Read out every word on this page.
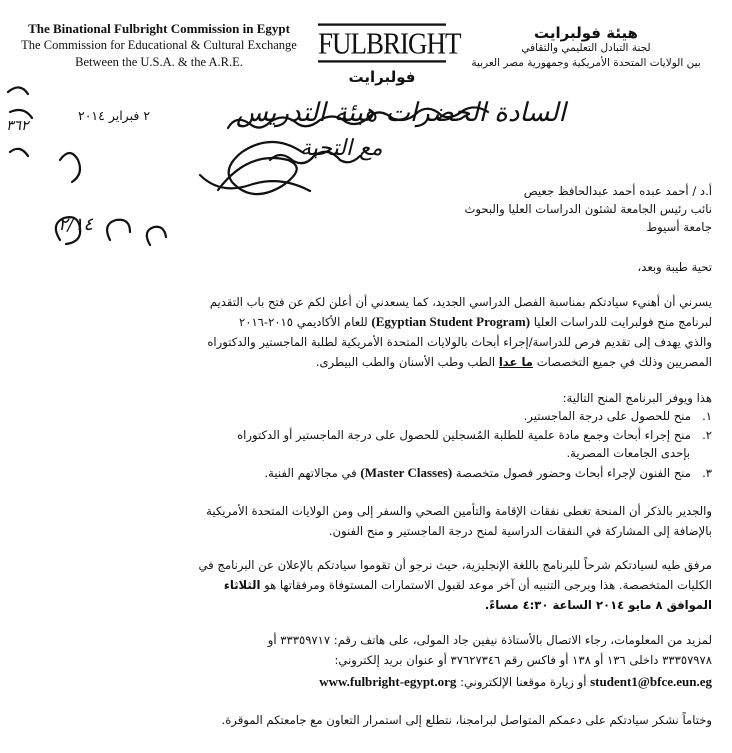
The Binational Fulbright Commission in Egypt
The Commission for Educational & Cultural Exchange
Between the U.S.A. & the A.R.E.
FULBRIGHT
فولبرايت
هيئة فولبرايت
لجنة التبادل التعليمي والثقافي
بين الولايات المتحدة الأمريكية وجمهورية مصر العربية
٢ فبراير ٢٠١٤	السادة الحضرات هيئة التدريس
مع التحية
٢/١٤
٣٦٢
أ.د / أحمد عبده أحمد عبدالحافظ جعيص
نائب رئيس الجامعة لشئون الدراسات العليا والبحوث
جامعة أسيوط
تحية طيبة وبعد،
يسرني أن أهنيء سيادتكم بمناسبة الفصل الدراسي الجديد، كما يسعدني أن أعلن لكم عن فتح باب التقديم
لبرنامج منح فولبرايت للدراسات العليا (Egyptian Student Program) للعام الأكاديمي ٢٠١٥-٢٠١٦
والذي يهدف إلى تقديم فرص للدراسة/إجراء أبحاث بالولايات المتحدة الأمريكية لطلبة الماجستير والدكتوراه
المصريين وذلك في جميع التخصصات ما عدا الطب وطب الأسنان والطب البيطرى.
هذا ويوفر البرنامج المنح التالية:
١.   منح للحصول على درجة الماجستير.
٢.   منح إجراء أبحاث وجمع مادة علمية للطلبة المُسجلين للحصول على درجة الماجستير أو الدكتوراه
بإحدى الجامعات المصرية.
٣.   منح الفنون لإجراء أبحاث وحضور فصول متخصصة (Master Classes) في مجالاتهم الفنية.
والجدير بالذكر أن المنحة تغطى نفقات الإقامة والتأمين الصحي والسفر إلى ومن الولايات المتحدة الأمريكية
بالإضافة إلى المشاركة في النفقات الدراسية لمنح درجة الماجستير و منح الفنون.
مرفق طيه لسيادتكم شرحاً للبرنامج باللغة الإنجليزية، حيث نرجو أن تقوموا سيادتكم بالإعلان عن البرنامج في
الكليات المتخصصة. هذا ويرجى التنبيه أن آخر موعد لقبول الاستمارات المستوفاة ومرفقاتها هو الثلاثاء
الموافق ٨ مايو ٢٠١٤ الساعة ٤:٣٠ مساءً.
لمزيد من المعلومات، رجاء الاتصال بالأستاذة نيفين جاد المولى، على هاتف رقم: ٣٣٣٥٩٧١٧ أو
٣٣٣٥٧٩٧٨ داخلى ١٣٦ أو ١٣٨ أو فاكس رقم ٣٧٦٢٧٣٤٦ أو عنوان بريد إلكتروني:
student1@bfce.eun.eg أو زيارة موقعنا الإلكتروني: www.fulbright-egypt.org
وختاماً نشكر سيادتكم على دعمكم المتواصل لبرامجنا، نتطلع إلى استمرار التعاون مع جامعتكم الموقرة.
